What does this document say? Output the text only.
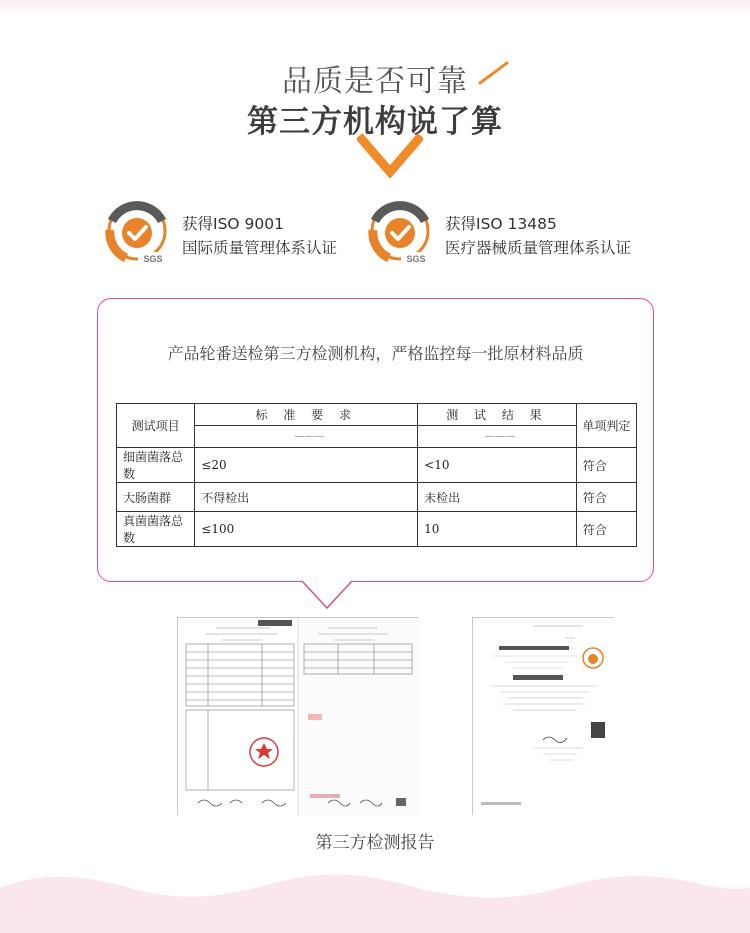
品质是否可靠
第三方机构说了算
SGS
获得ISO 9001
国际质量管理体系认证
SGS
获得ISO 13485
医疗器械质量管理体系认证
产品轮番送检第三方检测机构，严格监控每一批原材料品质
测试项目	标 准 要 求	测 试 结 果	单项判定
	———	———	
细菌菌落总数	≤20	<10	符合
大肠菌群	不得检出	未检出	符合
真菌菌落总数	≤100	10	符合
第三方检测报告
